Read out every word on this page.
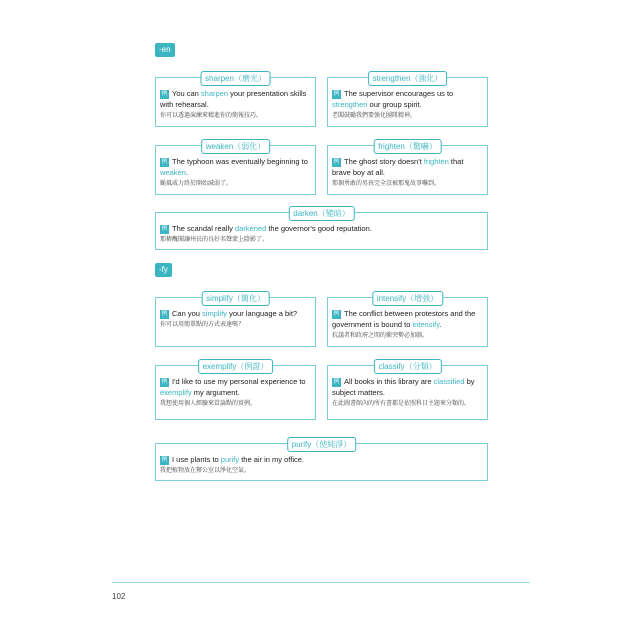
-en
sharpen（磨光）
例 You can sharpen your presentation skills with rehearsal.
你可以透過演練來精進你的簡報技巧。
strengthen（強化）
例 The supervisor encourages us to strengthen our group spirit.
老闆鼓勵我們要強化團隊精神。
weaken（弱化）
例 The typhoon was eventually beginning to weaken.
颱風威力終於開始減弱了。
frighten（驚嚇）
例 The ghost story doesn't frighten that brave boy at all.
那個勇敢的男孩完全沒被那鬼故事嚇到。
darken（變暗）
例 The scandal really darkened the governor's good reputation.
那樁醜聞讓州長的良好名聲蒙上陰影了。
-fy
simplify（簡化）
例 Can you simplify your language a bit?
你可以用簡單點的方式表達嗎？
intensify（增強）
例 The conflict between protestors and the government is bound to intensify.
抗議者和政府之間的衝突勢必加劇。
exemplify（例證）
例 I'd like to use my personal experience to exemplify my argument.
我想使用個人經驗來當論點的實例。
classify（分類）
例 All books in this library are classified by subject matters.
在此圖書館內的所有書都是依照科目主題來分類的。
purify（使純淨）
例 I use plants to purify the air in my office.
我把植物放在辦公室以淨化空氣。
102
